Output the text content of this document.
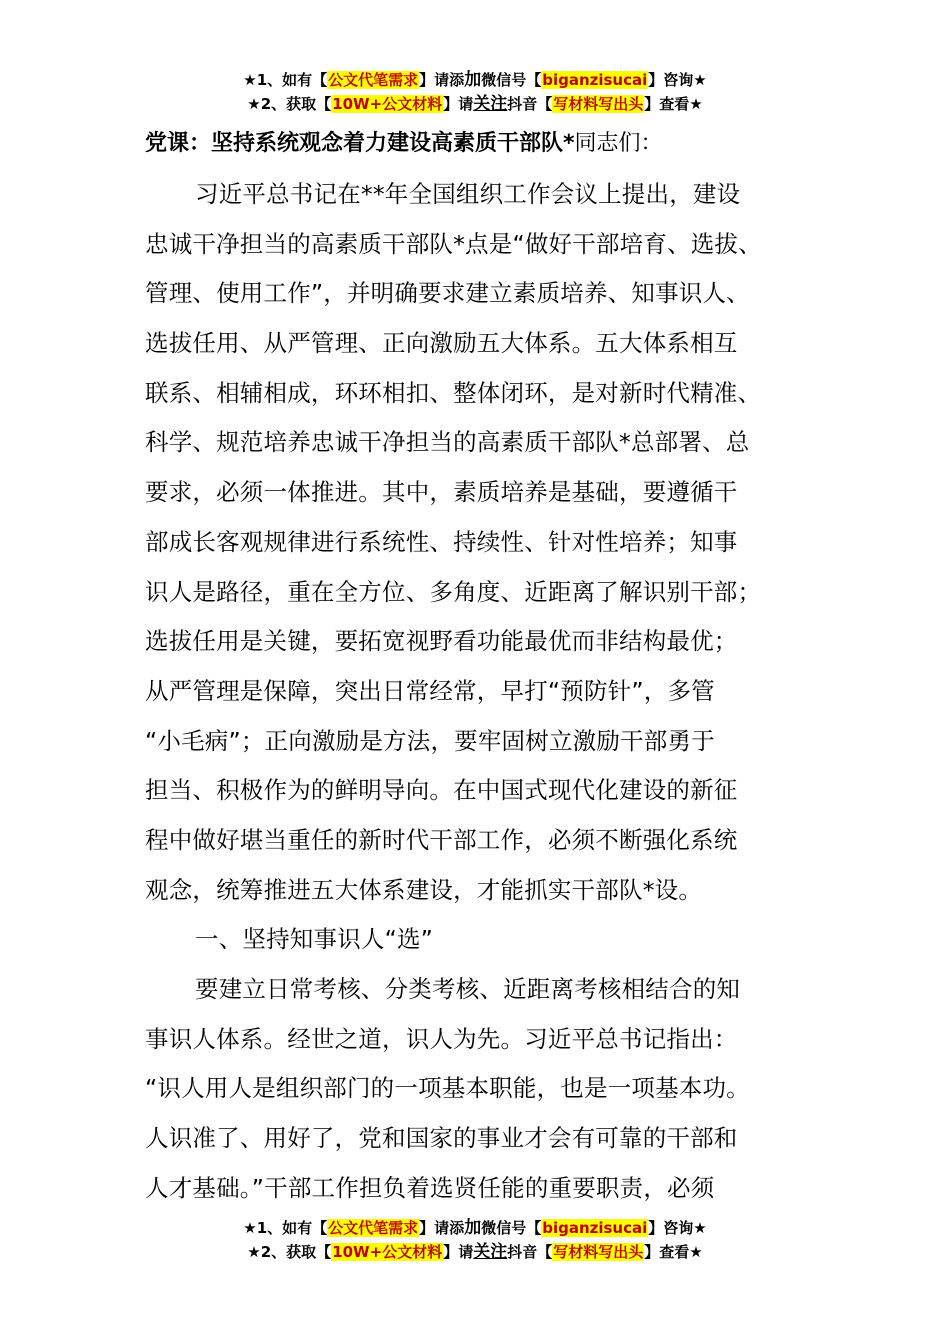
★1、如有【公文代笔需求】请添加微信号【biganzisucai】咨询★
★2、获取【10W+公文材料】请关注抖音【写材料写出头】查看★
党课：坚持系统观念着力建设高素质干部队*同志们：
习近平总书记在**年全国组织工作会议上提出，建设
忠诚干净担当的高素质干部队*点是“做好干部培育、选拔、
管理、使用工作”，并明确要求建立素质培养、知事识人、
选拔任用、从严管理、正向激励五大体系。五大体系相互
联系、相辅相成，环环相扣、整体闭环，是对新时代精准、
科学、规范培养忠诚干净担当的高素质干部队*总部署、总
要求，必须一体推进。其中，素质培养是基础，要遵循干
部成长客观规律进行系统性、持续性、针对性培养；知事
识人是路径，重在全方位、多角度、近距离了解识别干部；
选拔任用是关键，要拓宽视野看功能最优而非结构最优；
从严管理是保障，突出日常经常，早打“预防针”，多管
“小毛病”；正向激励是方法，要牢固树立激励干部勇于
担当、积极作为的鲜明导向。在中国式现代化建设的新征
程中做好堪当重任的新时代干部工作，必须不断强化系统
观念，统筹推进五大体系建设，才能抓实干部队*设。
一、坚持知事识人“选”
要建立日常考核、分类考核、近距离考核相结合的知
事识人体系。经世之道，识人为先。习近平总书记指出：
“识人用人是组织部门的一项基本职能，也是一项基本功。
人识准了、用好了，党和国家的事业才会有可靠的干部和
人才基础。”干部工作担负着选贤任能的重要职责，必须
★1、如有【公文代笔需求】请添加微信号【biganzisucai】咨询★
★2、获取【10W+公文材料】请关注抖音【写材料写出头】查看★
